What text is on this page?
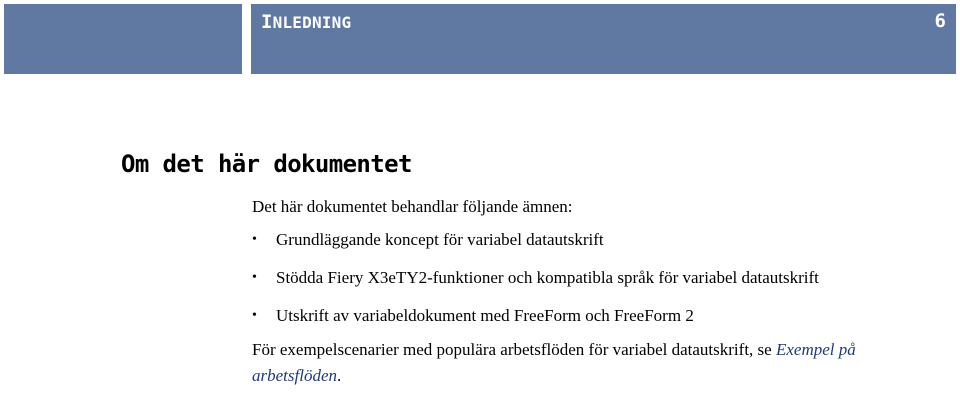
INLEDNING	6
Om det här dokumentet

Det här dokumentet behandlar följande ämnen:

• Grundläggande koncept för variabel datautskrift
• Stödda Fiery X3eTY2-funktioner och kompatibla språk för variabel datautskrift
• Utskrift av variabeldokument med FreeForm och FreeForm 2

För exempelscenarier med populära arbetsflöden för variabel datautskrift, se Exempel på arbetsflöden.
